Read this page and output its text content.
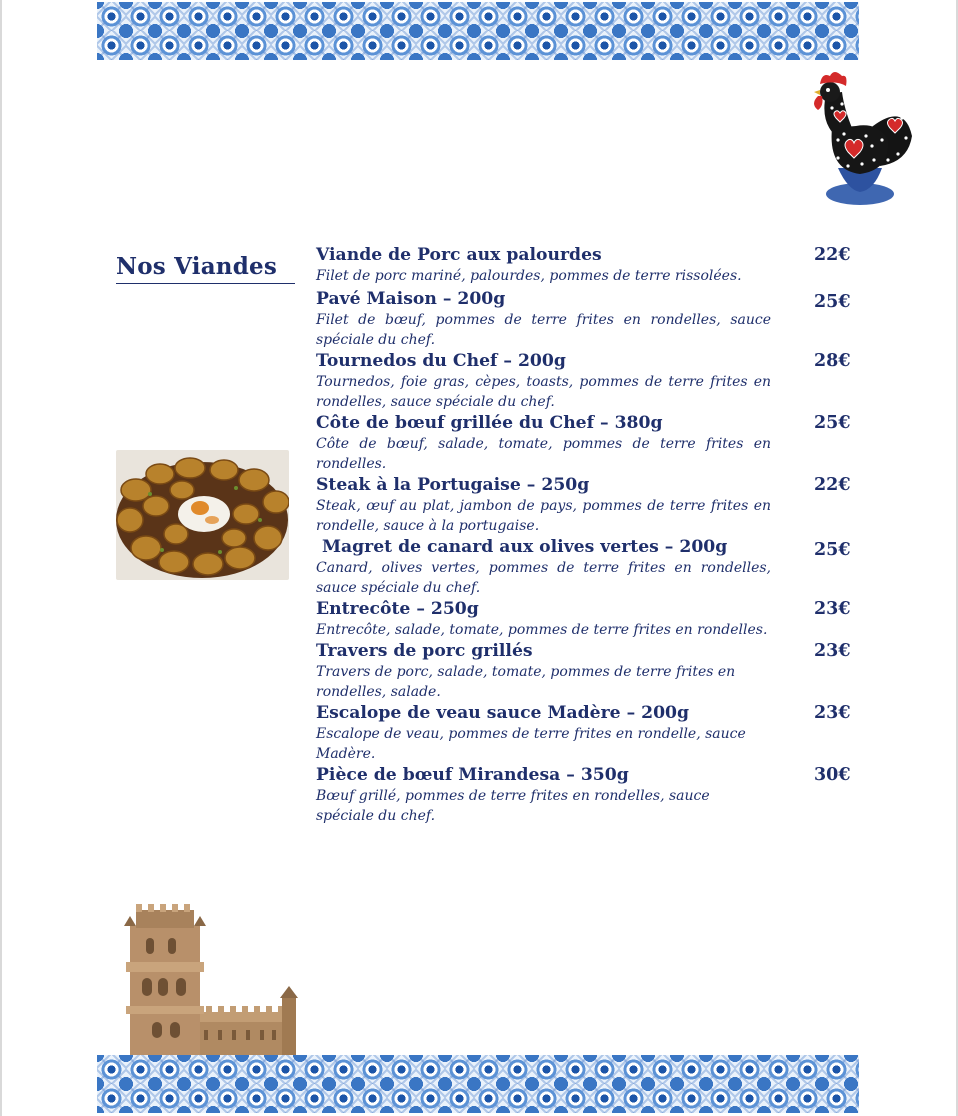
Nos Viandes	Viande de Porc aux palourdes
Filet de porc mariné, palourdes, pommes de terre rissolées.
22€
Pavé Maison – 200g
Filet de bœuf, pommes de terre frites en rondelles, sauce spéciale du chef.
25€
Tournedos du Chef – 200g
Tournedos, foie gras, cèpes, toasts, pommes de terre frites en rondelles, sauce spéciale du chef.
28€
Côte de bœuf grillée du Chef – 380g
Côte de bœuf, salade, tomate, pommes de terre frites en rondelles.
25€
Steak à la Portugaise – 250g
Steak, œuf au plat, jambon de pays, pommes de terre frites en rondelle, sauce à la portugaise.
22€
Magret de canard aux olives vertes – 200g
Canard, olives vertes, pommes de terre frites en rondelles, sauce spéciale du chef.
25€
Entrecôte – 250g
Entrecôte, salade, tomate, pommes de terre frites en rondelles.
23€
Travers de porc grillés
Travers de porc, salade, tomate, pommes de terre frites en rondelles, salade.
23€
Escalope de veau sauce Madère – 200g
Escalope de veau, pommes de terre frites en rondelle, sauce Madère.
23€
Pièce de bœuf Mirandesa – 350g
Bœuf grillé, pommes de terre frites en rondelles, sauce spéciale du chef.
30€
